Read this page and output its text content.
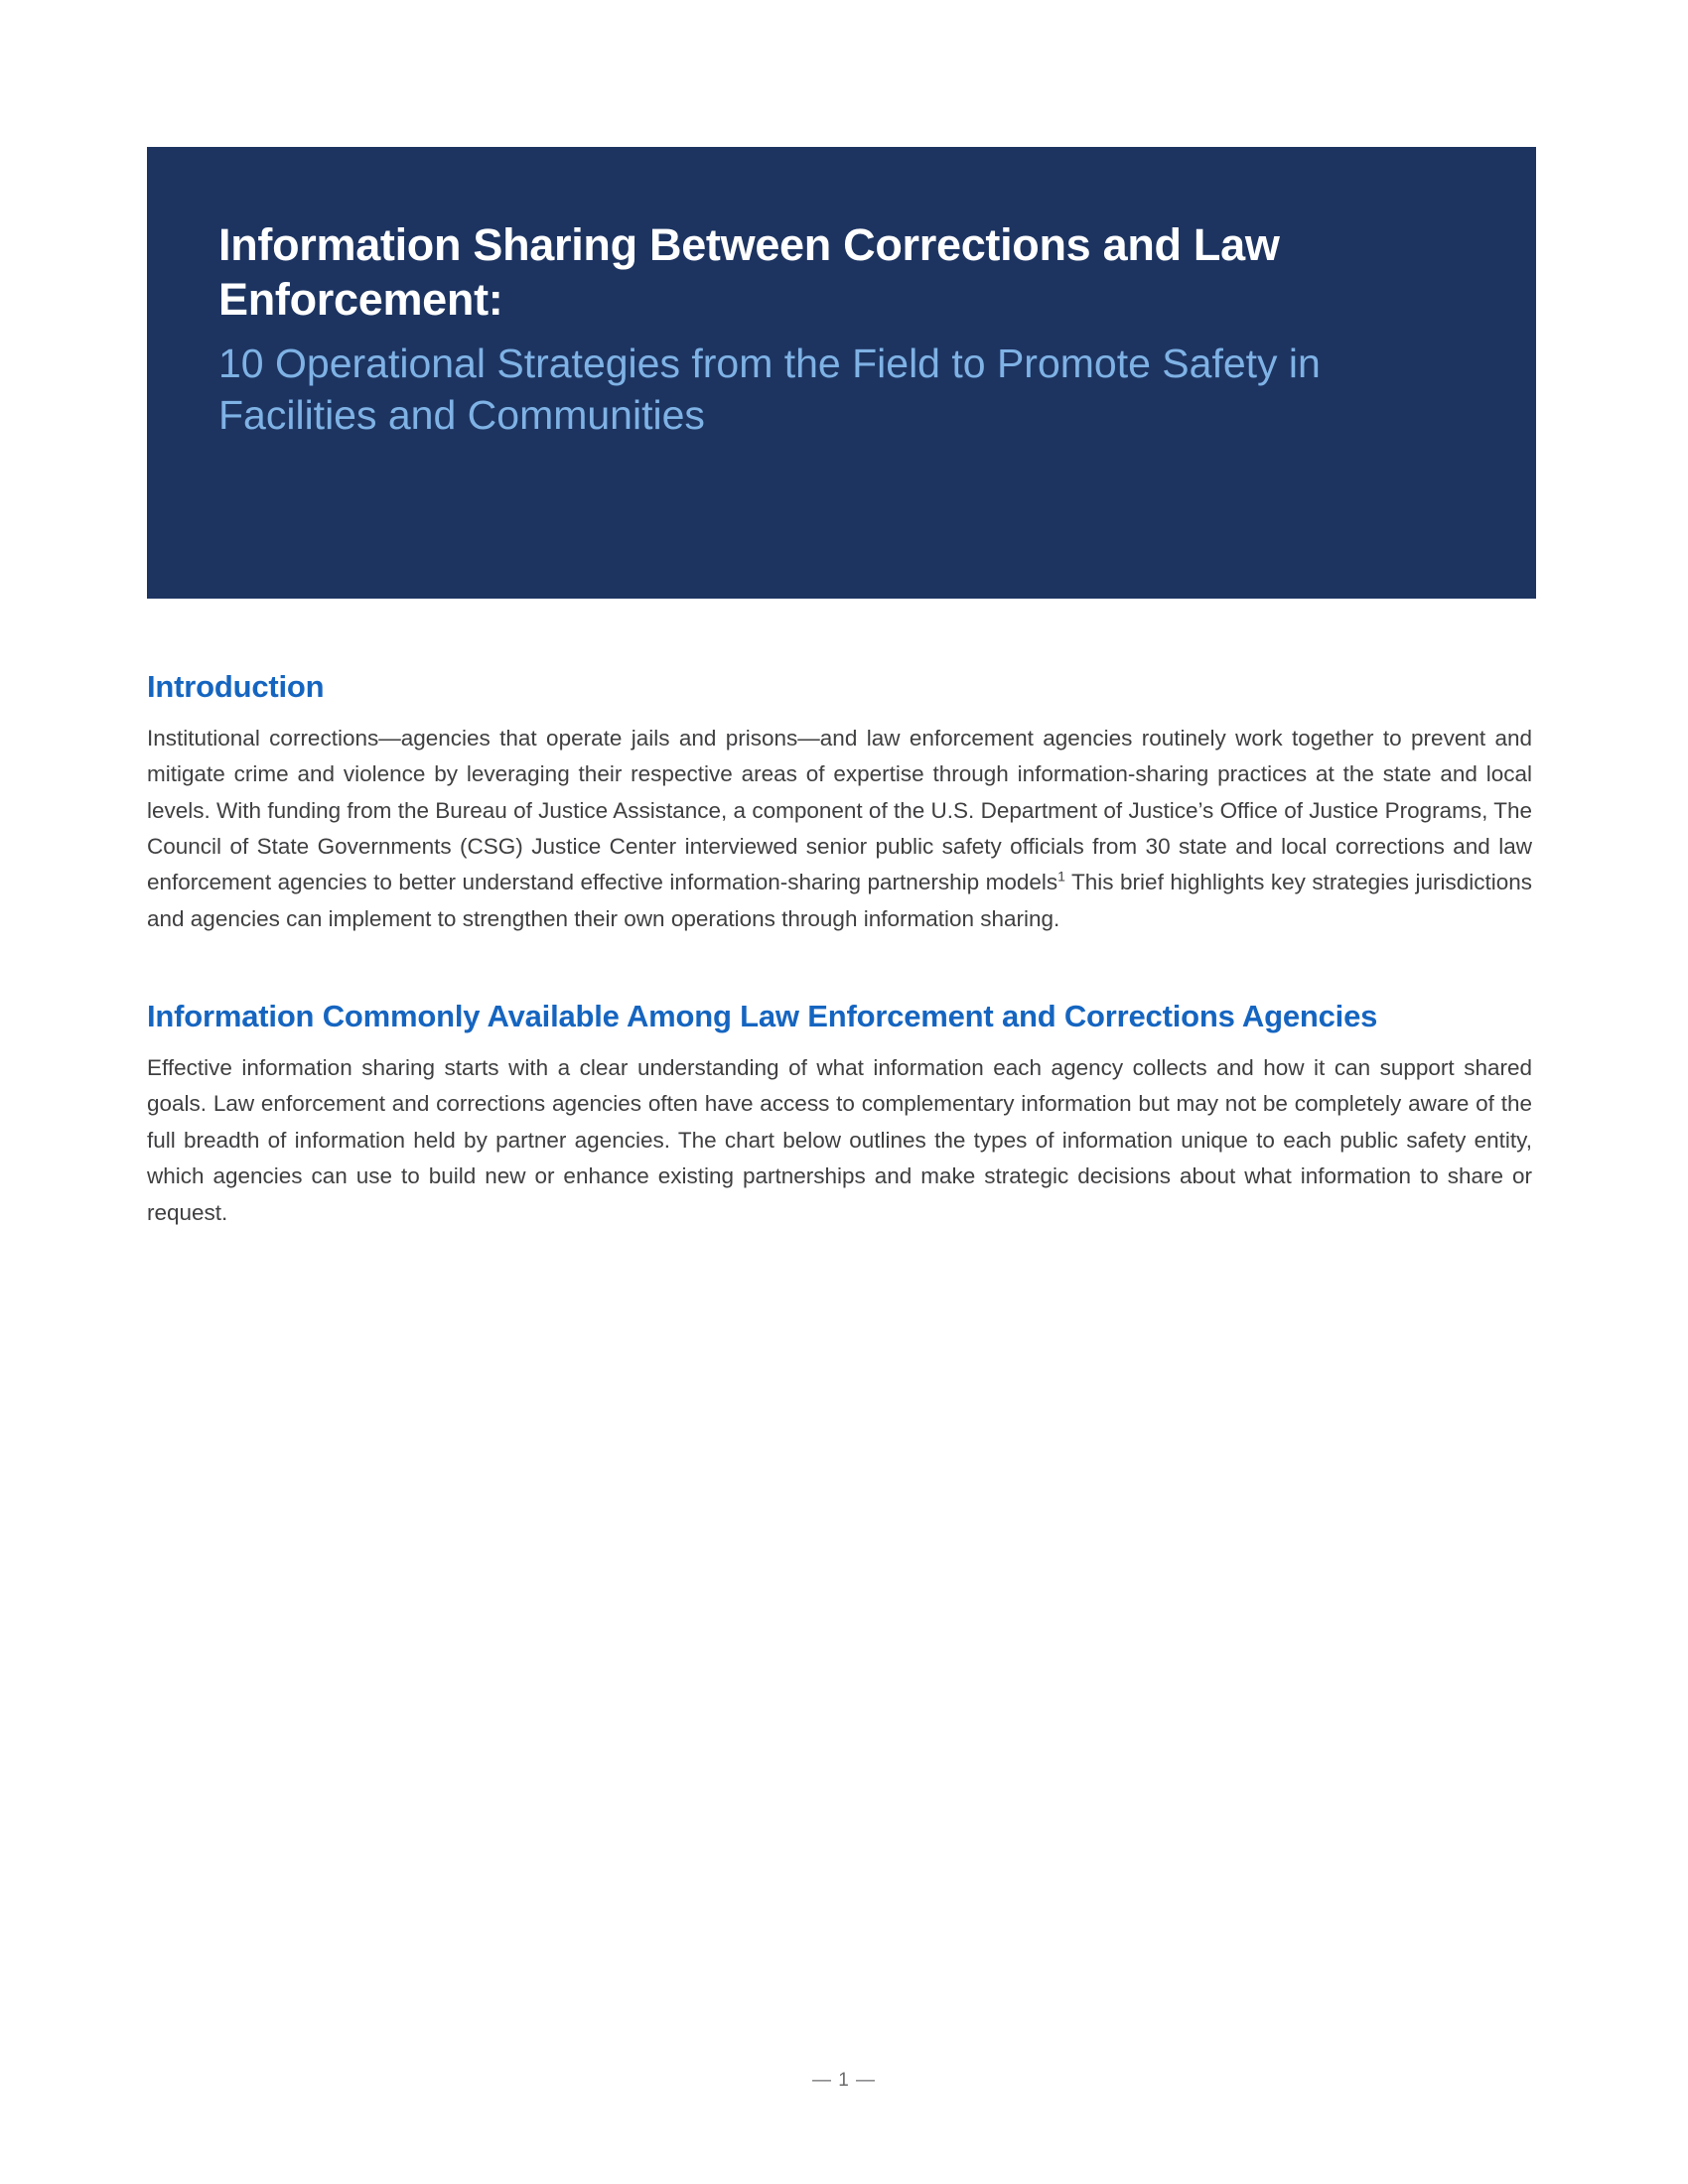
Information Sharing Between Corrections and Law Enforcement:
10 Operational Strategies from the Field to Promote Safety in Facilities and Communities
Introduction

Institutional corrections—agencies that operate jails and prisons—and law enforcement agencies routinely work together to prevent and mitigate crime and violence by leveraging their respective areas of expertise through information-sharing practices at the state and local levels. With funding from the Bureau of Justice Assistance, a component of the U.S. Department of Justice’s Office of Justice Programs, The Council of State Governments (CSG) Justice Center interviewed senior public safety officials from 30 state and local corrections and law enforcement agencies to better understand effective information-sharing partnership models$^1$ This brief highlights key strategies jurisdictions and agencies can implement to strengthen their own operations through information sharing.

Information Commonly Available Among Law Enforcement and Corrections Agencies

Effective information sharing starts with a clear understanding of what information each agency collects and how it can support shared goals. Law enforcement and corrections agencies often have access to complementary information but may not be completely aware of the full breadth of information held by partner agencies. The chart below outlines the types of information unique to each public safety entity, which agencies can use to build new or enhance existing partnerships and make strategic decisions about what information to share or request.

— 1 —
